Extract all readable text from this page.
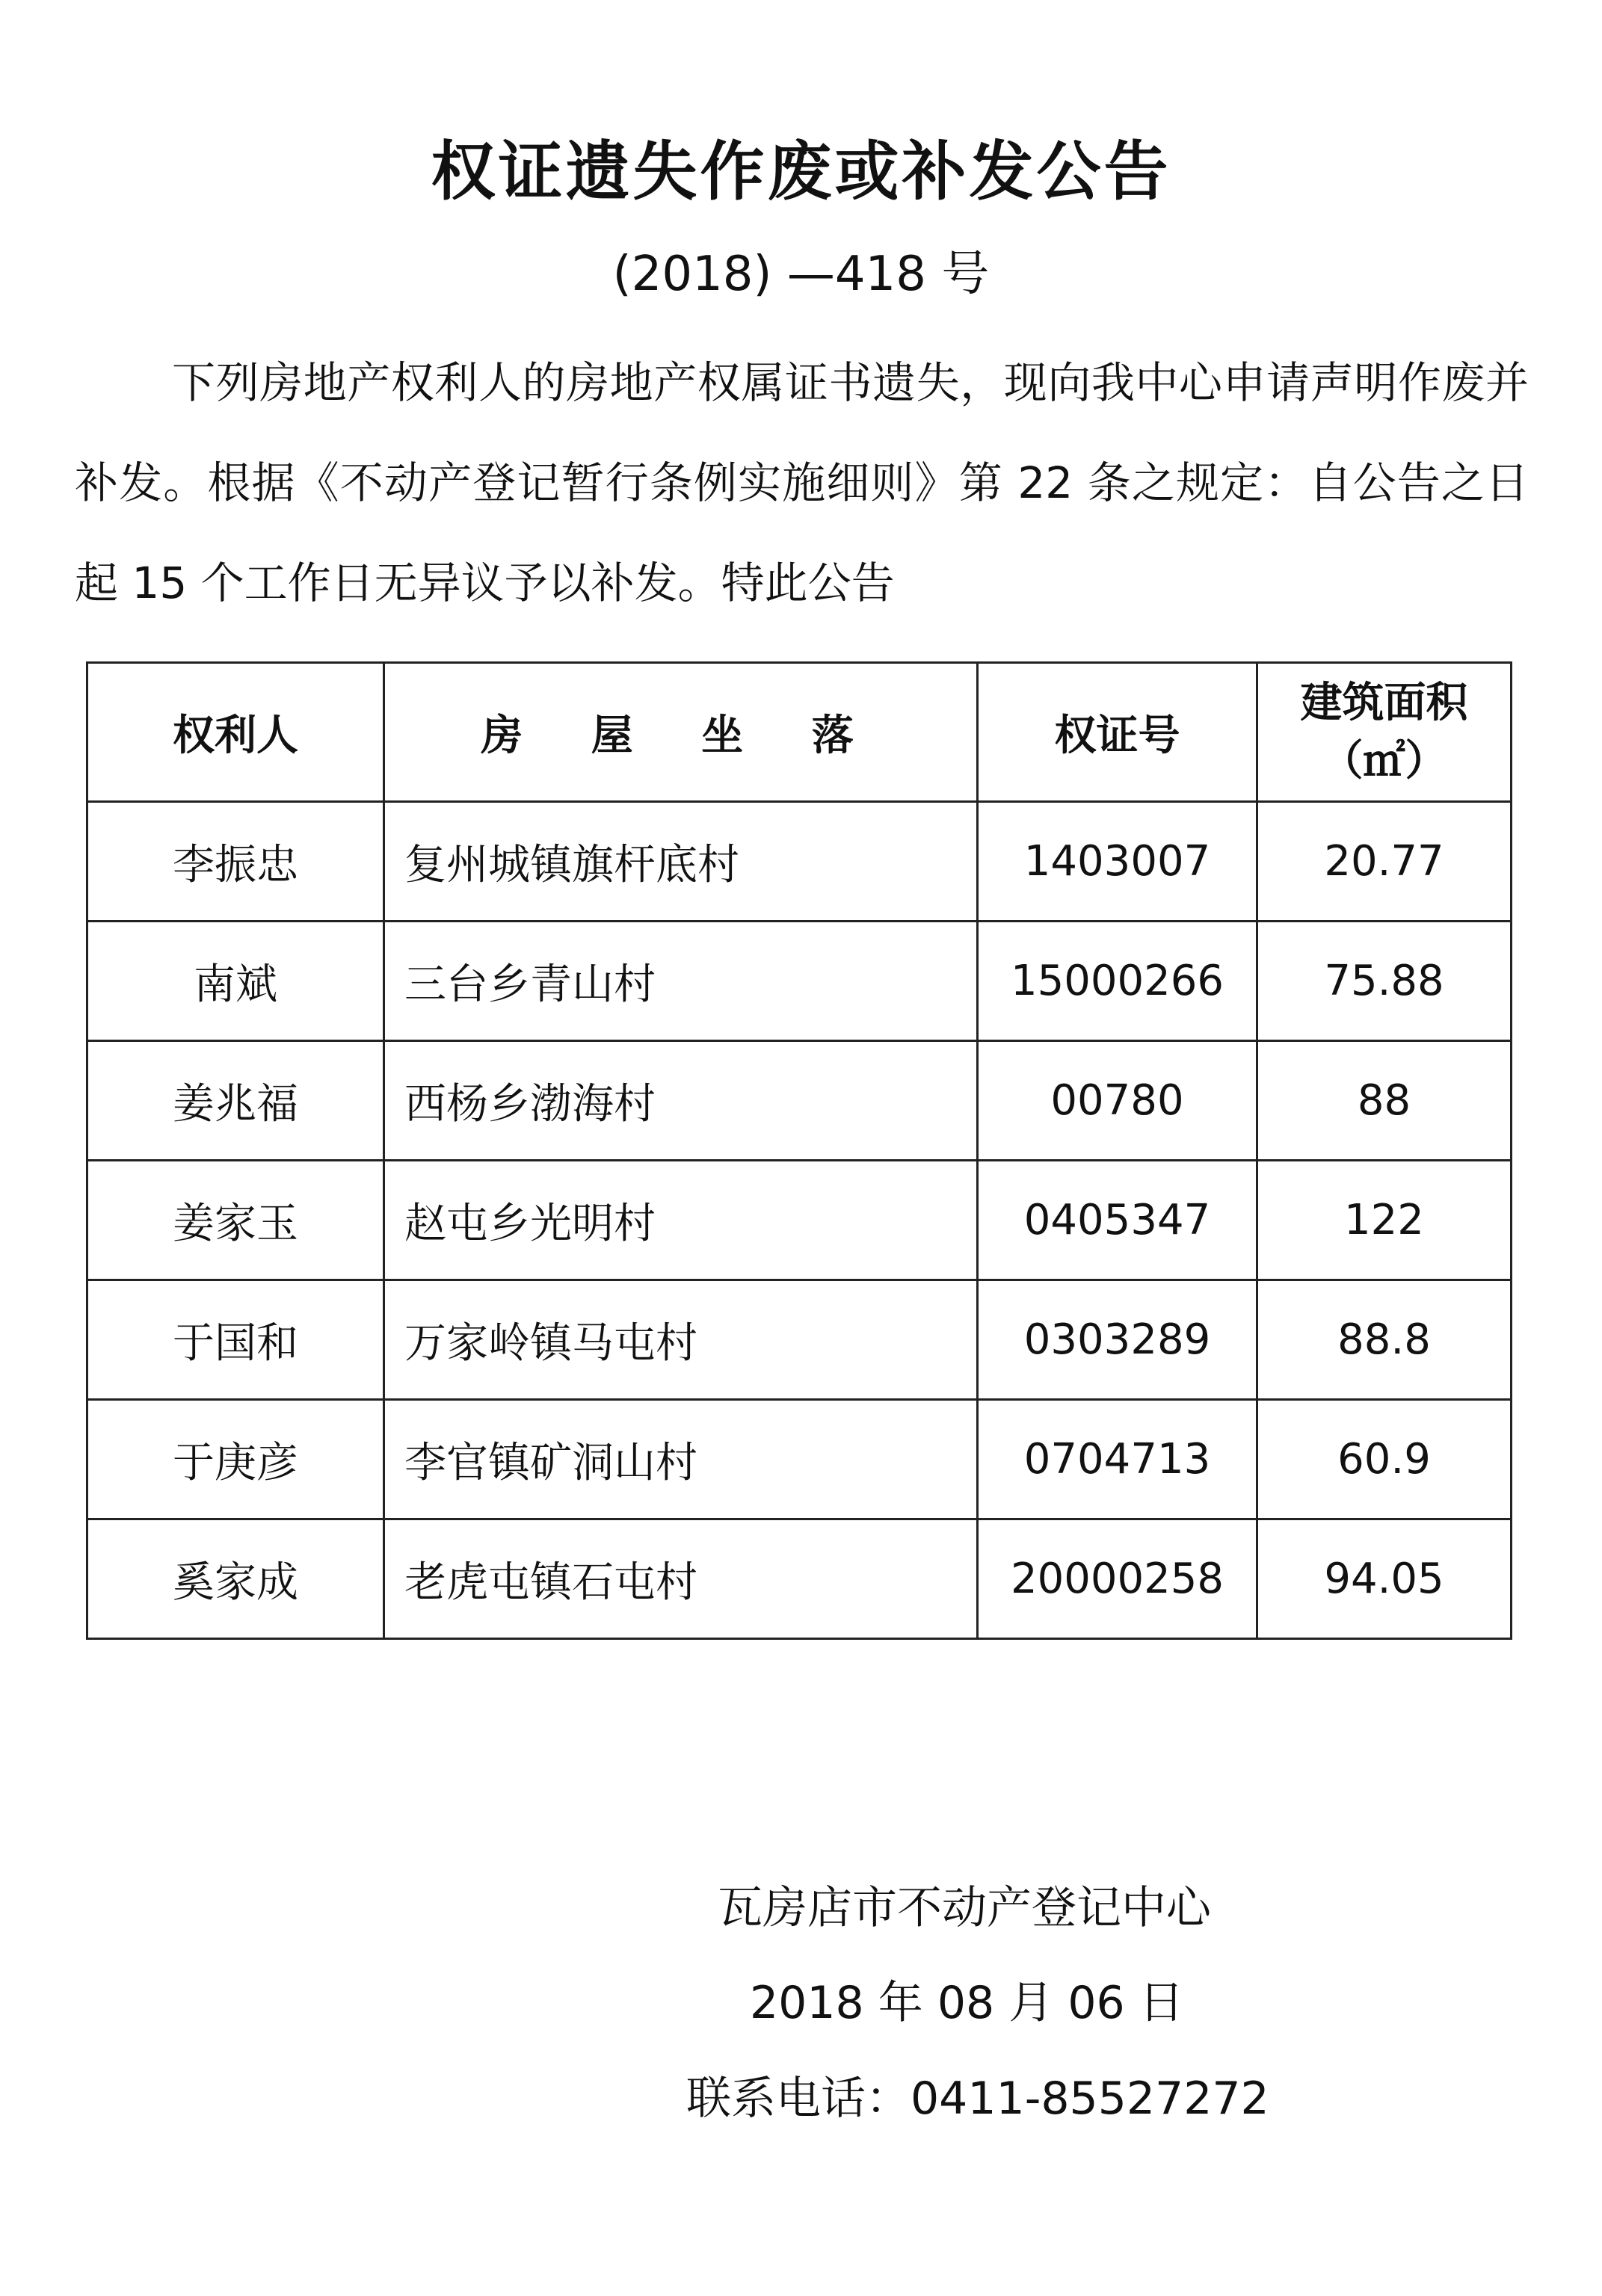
权证遗失作废或补发公告
(2018) —418 号

下列房地产权利人的房地产权属证书遗失，现向我中心申请声明作废并补发。根据《不动产登记暂行条例实施细则》第 22 条之规定：自公告之日起 15 个工作日无异议予以补发。特此公告

权利人	房 屋 坐 落	权证号	建筑面积
（㎡）

李振忠	复州城镇旗杆底村	1403007	20.77
南斌	三台乡青山村	15000266	75.88
姜兆福	西杨乡渤海村	00780	88
姜家玉	赵屯乡光明村	0405347	122
于国和	万家岭镇马屯村	0303289	88.8
于庚彦	李官镇矿洞山村	0704713	60.9
奚家成	老虎屯镇石屯村	20000258	94.05
瓦房店市不动产登记中心
2018 年 08 月 06 日
联系电话：0411-85527272
